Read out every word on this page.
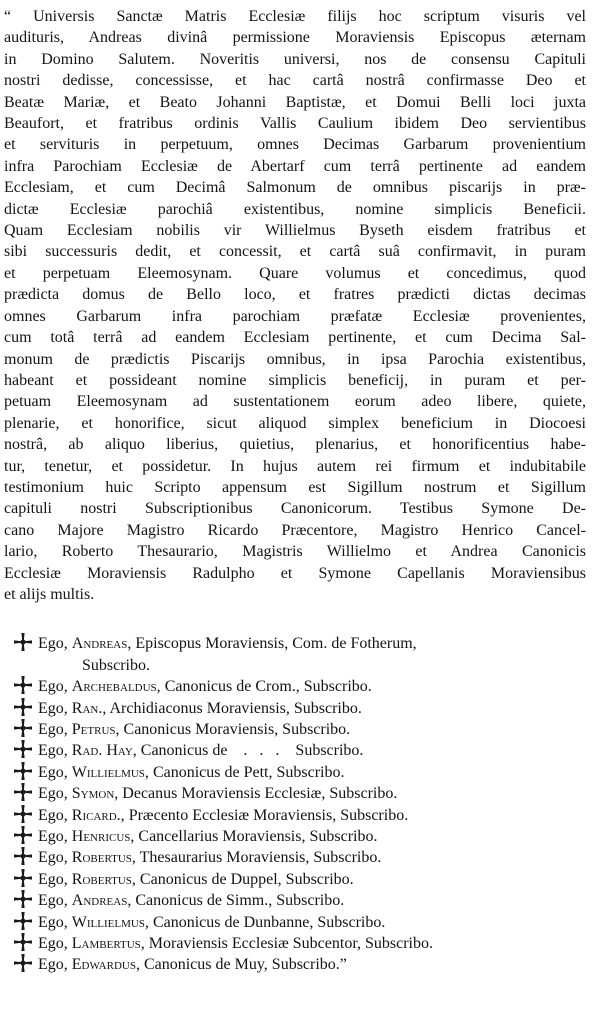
“ Universis Sanctæ Matris Ecclesiæ filijs hoc scriptum visuris vel
audituris, Andreas divinâ permissione Moraviensis Episcopus æternam
in Domino Salutem. Noveritis universi, nos de consensu Capituli
nostri dedisse, concessisse, et hac cartâ nostrâ confirmasse Deo et
Beatæ Mariæ, et Beato Johanni Baptistæ, et Domui Belli loci juxta
Beaufort, et fratribus ordinis Vallis Caulium ibidem Deo servientibus
et servituris in perpetuum, omnes Decimas Garbarum provenientium
infra Parochiam Ecclesiæ de Abertarf cum terrâ pertinente ad eandem
Ecclesiam, et cum Decimâ Salmonum de omnibus piscarijs in præ-
dictæ Ecclesiæ parochiâ existentibus, nomine simplicis Beneficii.
Quam Ecclesiam nobilis vir Willielmus Byseth eisdem fratribus et
sibi successuris dedit, et concessit, et cartâ suâ confirmavit, in puram
et perpetuam Eleemosynam. Quare volumus et concedimus, quod
prædicta domus de Bello loco, et fratres prædicti dictas decimas
omnes Garbarum infra parochiam præfatæ Ecclesiæ provenientes,
cum totâ terrâ ad eandem Ecclesiam pertinente, et cum Decima Sal-
monum de prædictis Piscarijs omnibus, in ipsa Parochia existentibus,
habeant et possideant nomine simplicis beneficij, in puram et per-
petuam Eleemosynam ad sustentationem eorum adeo libere, quiete,
plenarie, et honorifice, sicut aliquod simplex beneficium in Diocoesi
nostrâ, ab aliquo liberius, quietius, plenarius, et honorificentius habe-
tur, tenetur, et possidetur. In hujus autem rei firmum et indubitabile
testimonium huic Scripto appensum est Sigillum nostrum et Sigillum
capituli nostri Subscriptionibus Canonicorum. Testibus Symone De-
cano Majore Magistro Ricardo Præcentore, Magistro Henrico Cancel-
lario, Roberto Thesaurario, Magistris Willielmo et Andrea Canonicis
Ecclesiæ Moraviensis Radulpho et Symone Capellanis Moraviensibus
et alijs multis.

Ego, Andreas, Episcopus Moraviensis, Com. de Fotherum,
Subscribo.
Ego, Archebaldus, Canonicus de Crom., Subscribo.
Ego, Ran., Archidiaconus Moraviensis, Subscribo.
Ego, Petrus, Canonicus Moraviensis, Subscribo.
Ego, Rad. Hay, Canonicus de    .   .   .    Subscribo.
Ego, Willielmus, Canonicus de Pett, Subscribo.
Ego, Symon, Decanus Moraviensis Ecclesiæ, Subscribo.
Ego, Ricard., Præcento Ecclesiæ Moraviensis, Subscribo.
Ego, Henricus, Cancellarius Moraviensis, Subscribo.
Ego, Robertus, Thesaurarius Moraviensis, Subscribo.
Ego, Robertus, Canonicus de Duppel, Subscribo.
Ego, Andreas, Canonicus de Simm., Subscribo.
Ego, Willielmus, Canonicus de Dunbanne, Subscribo.
Ego, Lambertus, Moraviensis Ecclesiæ Subcentor, Subscribo.
Ego, Edwardus, Canonicus de Muy, Subscribo.”
